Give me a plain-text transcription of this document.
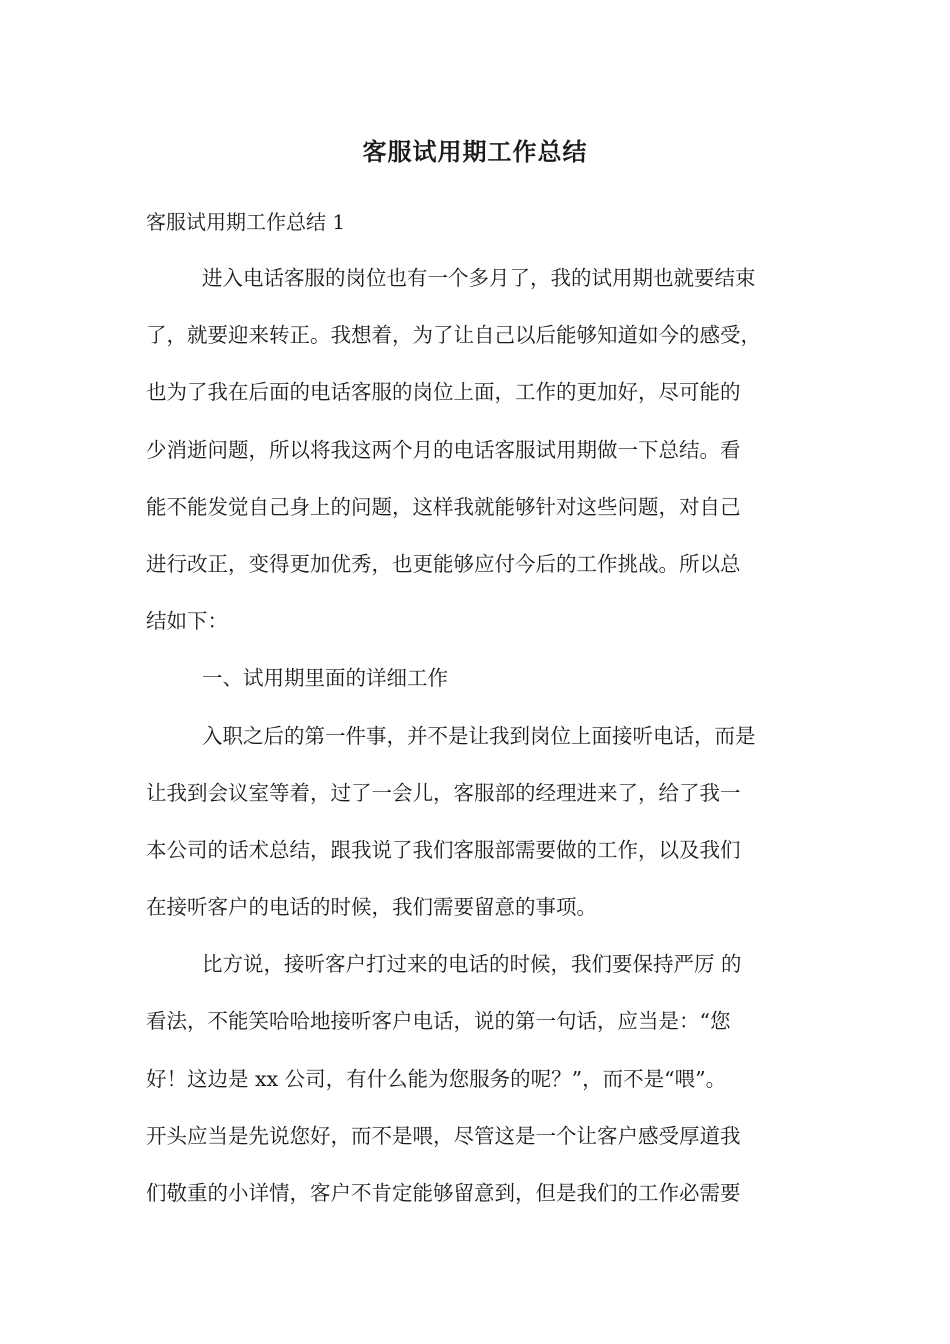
客服试用期工作总结
客服试用期工作总结 1
进入电话客服的岗位也有一个多月了，我的试用期也就要结束
了，就要迎来转正。我想着，为了让自己以后能够知道如今的感受，
也为了我在后面的电话客服的岗位上面，工作的更加好，尽可能的
少消逝问题，所以将我这两个月的电话客服试用期做一下总结。看
能不能发觉自己身上的问题，这样我就能够针对这些问题，对自己
进行改正，变得更加优秀，也更能够应付今后的工作挑战。所以总
结如下：
一、试用期里面的详细工作
入职之后的第一件事，并不是让我到岗位上面接听电话，而是
让我到会议室等着，过了一会儿，客服部的经理进来了，给了我一
本公司的话术总结，跟我说了我们客服部需要做的工作，以及我们
在接听客户的电话的时候，我们需要留意的事项。
比方说，接听客户打过来的电话的时候，我们要保持严厉 的
看法，不能笑哈哈地接听客户电话，说的第一句话，应当是：“您
好！这边是 xx 公司，有什么能为您服务的呢？”，而不是“喂”。
开头应当是先说您好，而不是喂，尽管这是一个让客户感受厚道我
们敬重的小详情，客户不肯定能够留意到，但是我们的工作必需要
